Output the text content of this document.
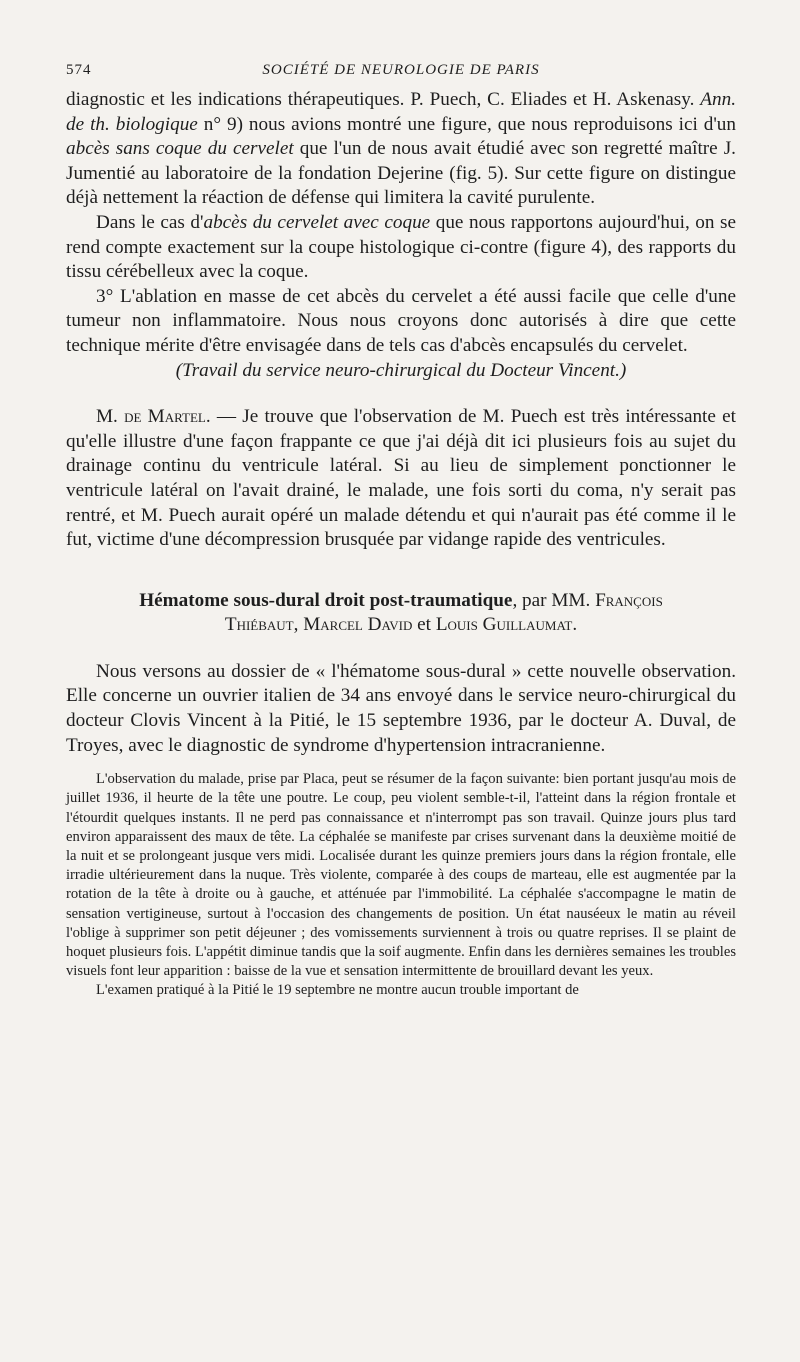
574	SOCIÉTÉ DE NEUROLOGIE DE PARIS

diagnostic et les indications thérapeutiques. P. Puech, C. Eliades et H. Askenasy. Ann. de th. biologique n° 9) nous avions montré une figure, que nous reproduisons ici d'un abcès sans coque du cervelet que l'un de nous avait étudié avec son regretté maître J. Jumentié au laboratoire de la fondation Dejerine (fig. 5). Sur cette figure on distingue déjà nettement la réaction de défense qui limitera la cavité purulente.

Dans le cas d'abcès du cervelet avec coque que nous rapportons aujourd'hui, on se rend compte exactement sur la coupe histologique ci-contre (figure 4), des rapports du tissu cérébelleux avec la coque.

3° L'ablation en masse de cet abcès du cervelet a été aussi facile que celle d'une tumeur non inflammatoire. Nous nous croyons donc autorisés à dire que cette technique mérite d'être envisagée dans de tels cas d'abcès encapsulés du cervelet.

(Travail du service neuro-chirurgical du Docteur Vincent.)

M. de Martel. — Je trouve que l'observation de M. Puech est très intéressante et qu'elle illustre d'une façon frappante ce que j'ai déjà dit ici plusieurs fois au sujet du drainage continu du ventricule latéral. Si au lieu de simplement ponctionner le ventricule latéral on l'avait drainé, le malade, une fois sorti du coma, n'y serait pas rentré, et M. Puech aurait opéré un malade détendu et qui n'aurait pas été comme il le fut, victime d'une décompression brusquée par vidange rapide des ventricules.

Hématome sous-dural droit post-traumatique, par MM. François
Thiébaut, Marcel David et Louis Guillaumat.

Nous versons au dossier de « l'hématome sous-dural » cette nouvelle observation. Elle concerne un ouvrier italien de 34 ans envoyé dans le service neuro-chirurgical du docteur Clovis Vincent à la Pitié, le 15 septembre 1936, par le docteur A. Duval, de Troyes, avec le diagnostic de syndrome d'hypertension intracranienne.

L'observation du malade, prise par Placa, peut se résumer de la façon suivante: bien portant jusqu'au mois de juillet 1936, il heurte de la tête une poutre. Le coup, peu violent semble-t-il, l'atteint dans la région frontale et l'étourdit quelques instants. Il ne perd pas connaissance et n'interrompt pas son travail. Quinze jours plus tard environ apparaissent des maux de tête. La céphalée se manifeste par crises survenant dans la deuxième moitié de la nuit et se prolongeant jusque vers midi. Localisée durant les quinze premiers jours dans la région frontale, elle irradie ultérieurement dans la nuque. Très violente, comparée à des coups de marteau, elle est augmentée par la rotation de la tête à droite ou à gauche, et atténuée par l'immobilité. La céphalée s'accompagne le matin de sensation vertigineuse, surtout à l'occasion des changements de position. Un état nauséeux le matin au réveil l'oblige à supprimer son petit déjeuner ; des vomissements surviennent à trois ou quatre reprises. Il se plaint de hoquet plusieurs fois. L'appétit diminue tandis que la soif augmente. Enfin dans les dernières semaines les troubles visuels font leur apparition : baisse de la vue et sensation intermittente de brouillard devant les yeux.

L'examen pratiqué à la Pitié le 19 septembre ne montre aucun trouble important de
